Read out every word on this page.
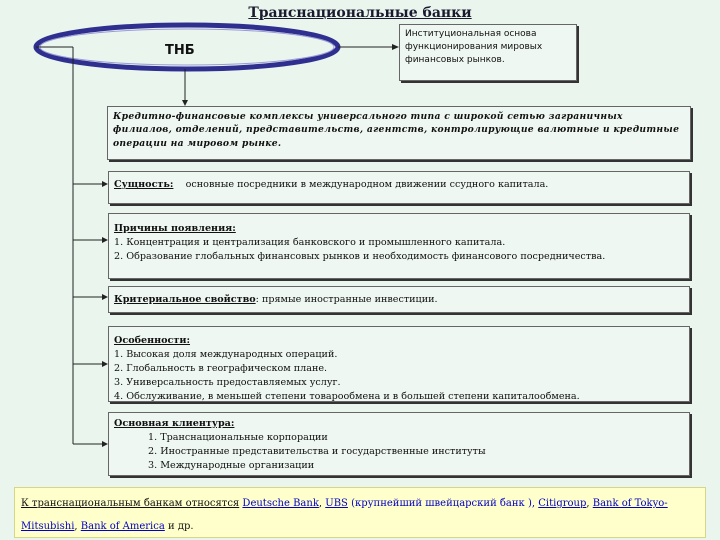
Транснациональные банки
ТНБ
Институциональная основа функционирования мировых финансовых рынков.
Кредитно-финансовые комплексы универсального типа с широкой сетью заграничных филиалов, отделений, представительств, агентств, контролирующие валютные и кредитные операции на мировом рынке.
Сущность: основные посредники в международном движении ссудного капитала.
Причины появления:
1. Концентрация и централизация банковского и промышленного капитала.
2. Образование глобальных финансовых рынков и необходимость финансового посредничества.
Критериальное свойство: прямые иностранные инвестиции.
Особенности:
1. Высокая доля международных операций.
2. Глобальность в географическом плане.
3. Универсальность предоставляемых услуг.
4. Обслуживание, в меньшей степени товарообмена и в большей степени капиталообмена.
Основная клиентура:
1. Транснациональные корпорации
2. Иностранные представительства и государственные институты
3. Международные организации
К транснациональным банкам относятся Deutsche Bank, UBS (крупнейший швейцарский банк ), Citigroup, Bank of Tokyo-Mitsubishi, Bank of America и др.
